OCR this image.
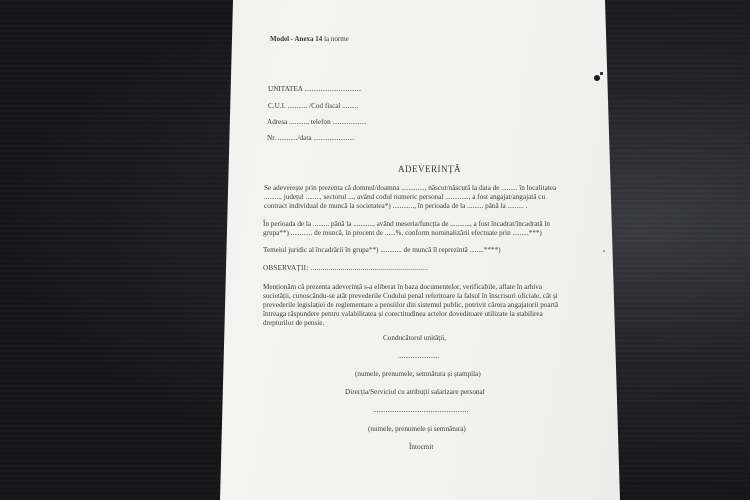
Model - Anexa 14 la norme
UNITATEA ................................
C.U.I. ........... /Cod fiscal .........
Adresa .........., telefon ...................
Nr. .........../data .......................
ADEVERINȚĂ
Se adeverește prin prezenta că domnul/doamna ............., născut/născută la data de ......... în localitatea
........., județul ........, sectorul ..., având codul numeric personal ............., a fost angajat/angajată cu
contract individual de muncă la societatea*) ............, în perioada de la ......... până la ......... .
În perioada de la ......... până la ..........., având meseria/funcția de ..........., a fost încadrat/încadrată în
grupa**) ............ de muncă, în procent de ......%, conform nominalizării efectuate prin .........***)
Temeiul juridic al încadrării în grupa**) ............ de muncă îl reprezintă ........****)
OBSERVAȚII: ...........................................................
Menționăm că prezenta adeverință s-a eliberat în baza documentelor, verificabile, aflate în arhiva
societății, cunoscându-se atât prevederile Codului penal referitoare la falsul în înscrisuri oficiale, cât și
prevederile legislației de reglementare a pensiilor din sistemul public, potrivit cărora angajatorii poartă
întreaga răspundere pentru valabilitatea și corectitudinea actelor doveditoare utilizate la stabilirea
drepturilor de pensie.
Conducătorul unității,
.......................
(numele, prenumele, semnătura și ștampila)
Direcția/Serviciul cu atribuții salarizare personal
.....................................................
(numele, prenumele și semnătura)
Întocmit
